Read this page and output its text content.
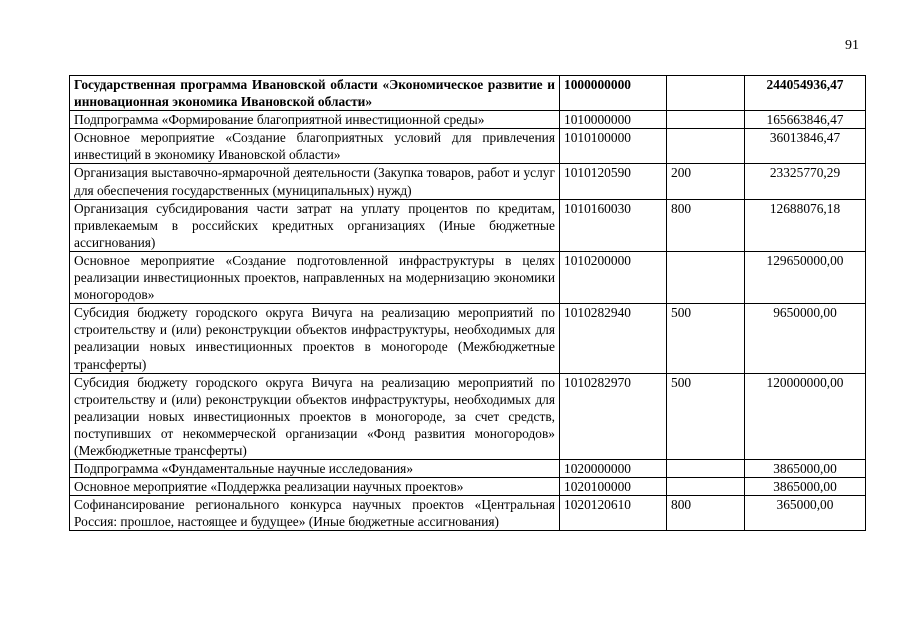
91
Государственная программа Ивановской области «Экономическое развитие и инновационная экономика Ивановской области»	1000000000		244054936,47
Подпрограмма «Формирование благоприятной инвестиционной среды»	1010000000		165663846,47
Основное мероприятие «Создание благоприятных условий для привлечения инвестиций в экономику Ивановской области»	1010100000		36013846,47
Организация выставочно-ярмарочной деятельности (Закупка товаров, работ и услуг для обеспечения государственных (муниципальных) нужд)	1010120590	200	23325770,29
Организация субсидирования части затрат на уплату процентов по кредитам, привлекаемым в российских кредитных организациях (Иные бюджетные ассигнования)	1010160030	800	12688076,18
Основное мероприятие «Создание подготовленной инфраструктуры в целях реализации инвестиционных проектов, направленных на модернизацию экономики моногородов»	1010200000		129650000,00
Субсидия бюджету городского округа Вичуга на реализацию мероприятий по строительству и (или) реконструкции объектов инфраструктуры, необходимых для реализации новых инвестиционных проектов в моногороде (Межбюджетные трансферты)	1010282940	500	9650000,00
Субсидия бюджету городского округа Вичуга на реализацию мероприятий по строительству и (или) реконструкции объектов инфраструктуры, необходимых для реализации новых инвестиционных проектов в моногороде, за счет средств, поступивших от некоммерческой организации «Фонд развития моногородов» (Межбюджетные трансферты)	1010282970	500	120000000,00
Подпрограмма «Фундаментальные научные исследования»	1020000000		3865000,00
Основное мероприятие «Поддержка реализации научных проектов»	1020100000		3865000,00
Софинансирование регионального конкурса научных проектов «Центральная Россия: прошлое, настоящее и будущее» (Иные бюджетные ассигнования)	1020120610	800	365000,00
